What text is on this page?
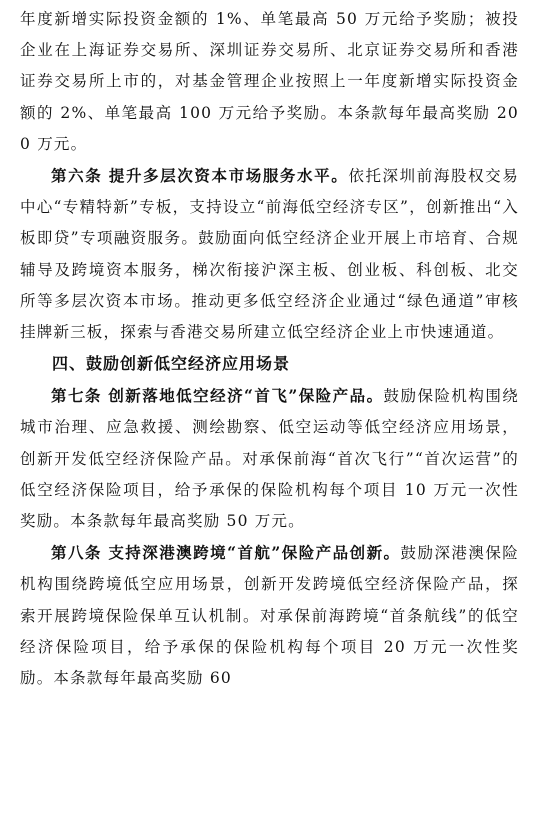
年度新增实际投资金额的 1%、单笔最高 50 万元给予奖励；被投企业在上海证券交易所、深圳证券交易所、北京证券交易所和香港证券交易所上市的，对基金管理企业按照上一年度新增实际投资金额的 2%、单笔最高 100 万元给予奖励。本条款每年最高奖励 200 万元。

第六条 提升多层次资本市场服务水平。依托深圳前海股权交易中心“专精特新”专板，支持设立“前海低空经济专区”，创新推出“入板即贷”专项融资服务。鼓励面向低空经济企业开展上市培育、合规辅导及跨境资本服务，梯次衔接沪深主板、创业板、科创板、北交所等多层次资本市场。推动更多低空经济企业通过“绿色通道”审核挂牌新三板，探索与香港交易所建立低空经济企业上市快速通道。

四、鼓励创新低空经济应用场景

第七条 创新落地低空经济“首飞”保险产品。鼓励保险机构围绕城市治理、应急救援、测绘勘察、低空运动等低空经济应用场景，创新开发低空经济保险产品。对承保前海“首次飞行”“首次运营”的低空经济保险项目，给予承保的保险机构每个项目 10 万元一次性奖励。本条款每年最高奖励 50 万元。

第八条 支持深港澳跨境“首航”保险产品创新。鼓励深港澳保险机构围绕跨境低空应用场景，创新开发跨境低空经济保险产品，探索开展跨境保险保单互认机制。对承保前海跨境“首条航线”的低空经济保险项目，给予承保的保险机构每个项目 20 万元一次性奖励。本条款每年最高奖励 60
